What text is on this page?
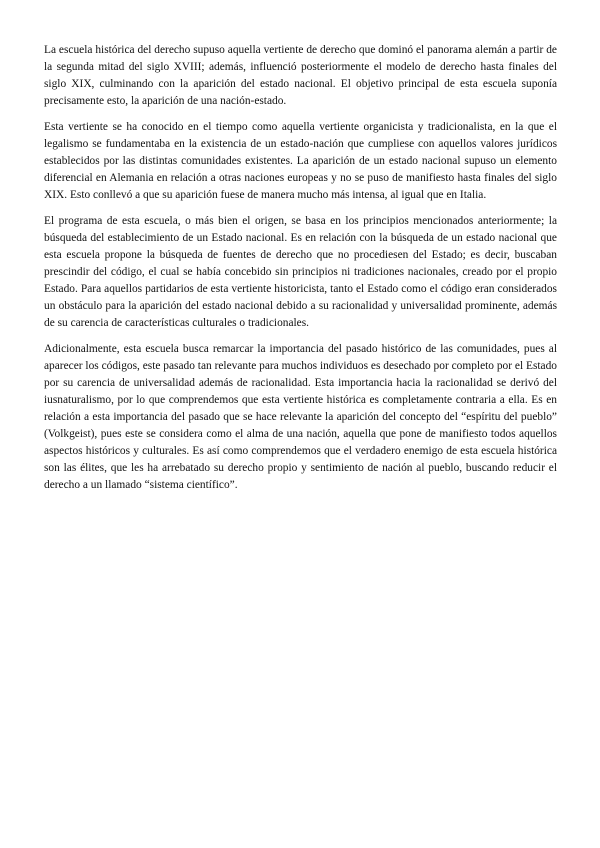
La escuela histórica del derecho supuso aquella vertiente de derecho que dominó el panorama alemán a partir de la segunda mitad del siglo XVIII; además, influenció posteriormente el modelo de derecho hasta finales del siglo XIX, culminando con la aparición del estado nacional. El objetivo principal de esta escuela suponía precisamente esto, la aparición de una nación-estado.

Esta vertiente se ha conocido en el tiempo como aquella vertiente organicista y tradicionalista, en la que el legalismo se fundamentaba en la existencia de un estado-nación que cumpliese con aquellos valores jurídicos establecidos por las distintas comunidades existentes. La aparición de un estado nacional supuso un elemento diferencial en Alemania en relación a otras naciones europeas y no se puso de manifiesto hasta finales del siglo XIX. Esto conllevó a que su aparición fuese de manera mucho más intensa, al igual que en Italia.

El programa de esta escuela, o más bien el origen, se basa en los principios mencionados anteriormente; la búsqueda del establecimiento de un Estado nacional. Es en relación con la búsqueda de un estado nacional que esta escuela propone la búsqueda de fuentes de derecho que no procediesen del Estado; es decir, buscaban prescindir del código, el cual se había concebido sin principios ni tradiciones nacionales, creado por el propio Estado. Para aquellos partidarios de esta vertiente historicista, tanto el Estado como el código eran considerados un obstáculo para la aparición del estado nacional debido a su racionalidad y universalidad prominente, además de su carencia de características culturales o tradicionales.

Adicionalmente, esta escuela busca remarcar la importancia del pasado histórico de las comunidades, pues al aparecer los códigos, este pasado tan relevante para muchos individuos es desechado por completo por el Estado por su carencia de universalidad además de racionalidad. Esta importancia hacia la racionalidad se derivó del iusnaturalismo, por lo que comprendemos que esta vertiente histórica es completamente contraria a ella. Es en relación a esta importancia del pasado que se hace relevante la aparición del concepto del “espíritu del pueblo” (Volkgeist), pues este se considera como el alma de una nación, aquella que pone de manifiesto todos aquellos aspectos históricos y culturales. Es así como comprendemos que el verdadero enemigo de esta escuela histórica son las élites, que les ha arrebatado su derecho propio y sentimiento de nación al pueblo, buscando reducir el derecho a un llamado “sistema científico”.
